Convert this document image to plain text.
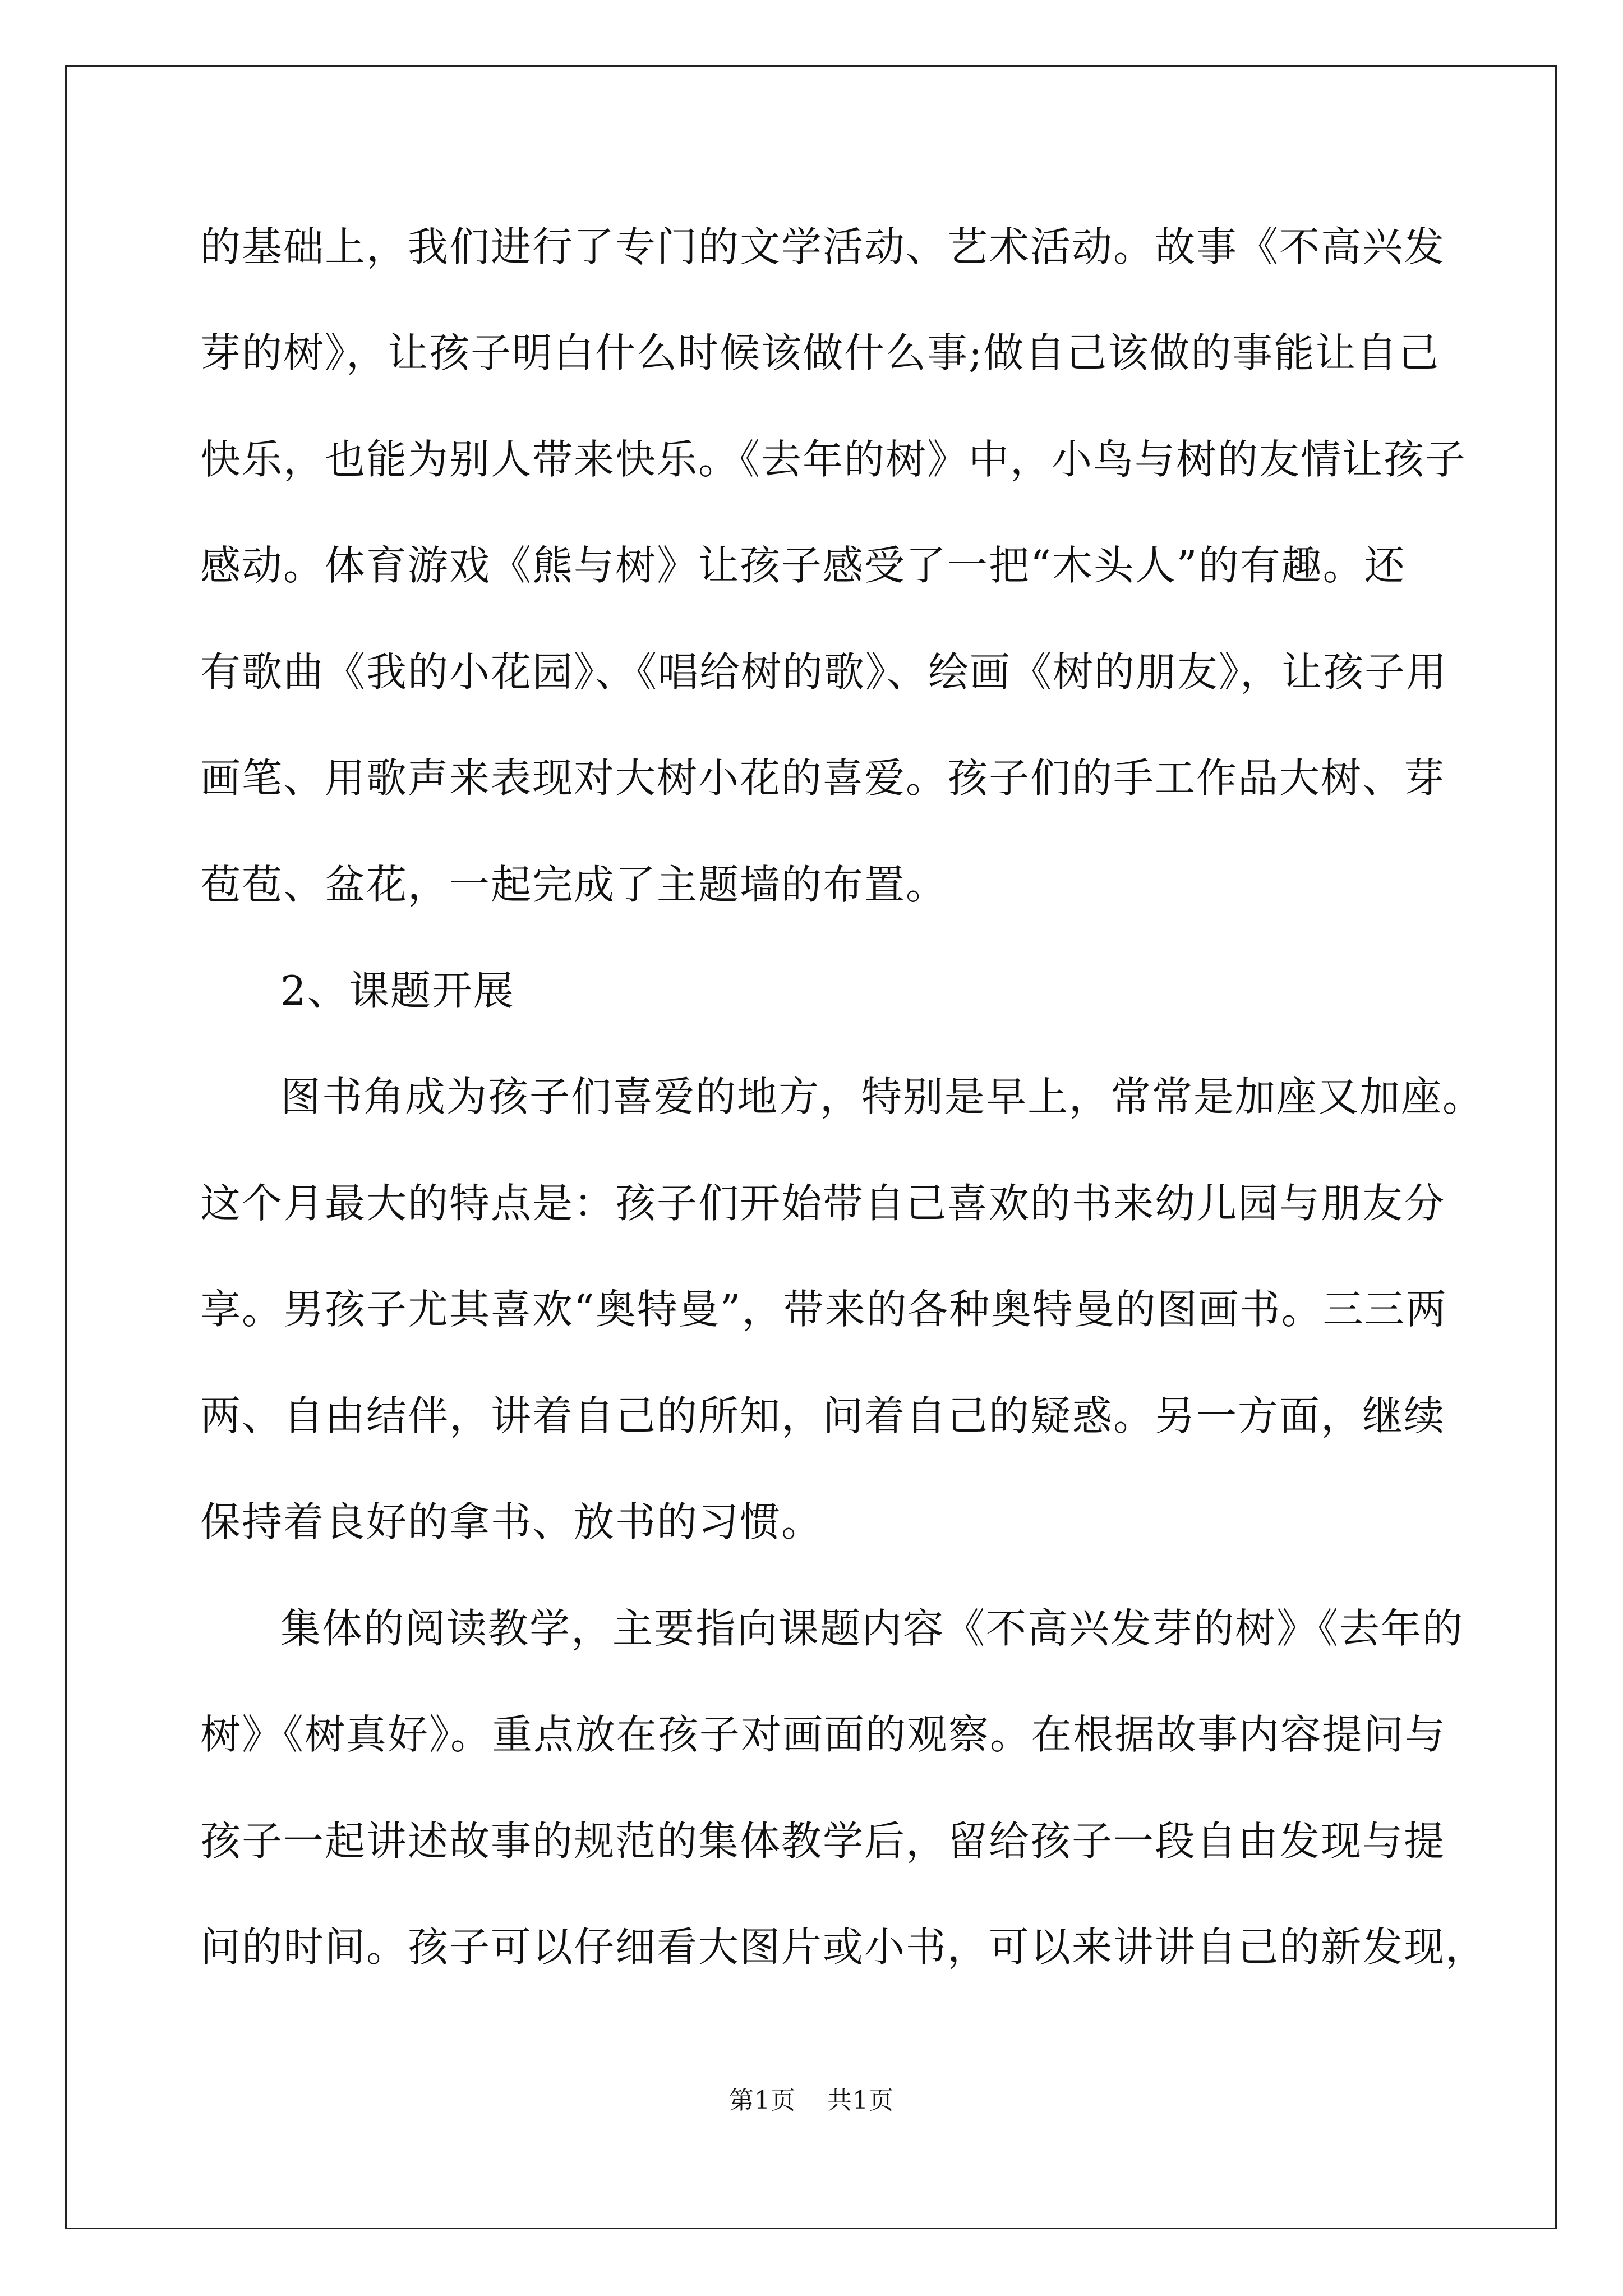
的基础上，我们进行了专门的文学活动、艺术活动。故事《不高兴发
芽的树》，让孩子明白什么时候该做什么事;做自己该做的事能让自己
快乐，也能为别人带来快乐。《去年的树》中，小鸟与树的友情让孩子
感动。体育游戏《熊与树》让孩子感受了一把“木头人”的有趣。还
有歌曲《我的小花园》、《唱给树的歌》、绘画《树的朋友》，让孩子用
画笔、用歌声来表现对大树小花的喜爱。孩子们的手工作品大树、芽
苞苞、盆花，一起完成了主题墙的布置。
2、课题开展
图书角成为孩子们喜爱的地方，特别是早上，常常是加座又加座。
这个月最大的特点是：孩子们开始带自己喜欢的书来幼儿园与朋友分
享。男孩子尤其喜欢“奥特曼”，带来的各种奥特曼的图画书。三三两
两、自由结伴，讲着自己的所知，问着自己的疑惑。另一方面，继续
保持着良好的拿书、放书的习惯。
集体的阅读教学，主要指向课题内容《不高兴发芽的树》《去年的
树》《树真好》。重点放在孩子对画面的观察。在根据故事内容提问与
孩子一起讲述故事的规范的集体教学后，留给孩子一段自由发现与提
问的时间。孩子可以仔细看大图片或小书，可以来讲讲自己的新发现，
第1页 共1页
